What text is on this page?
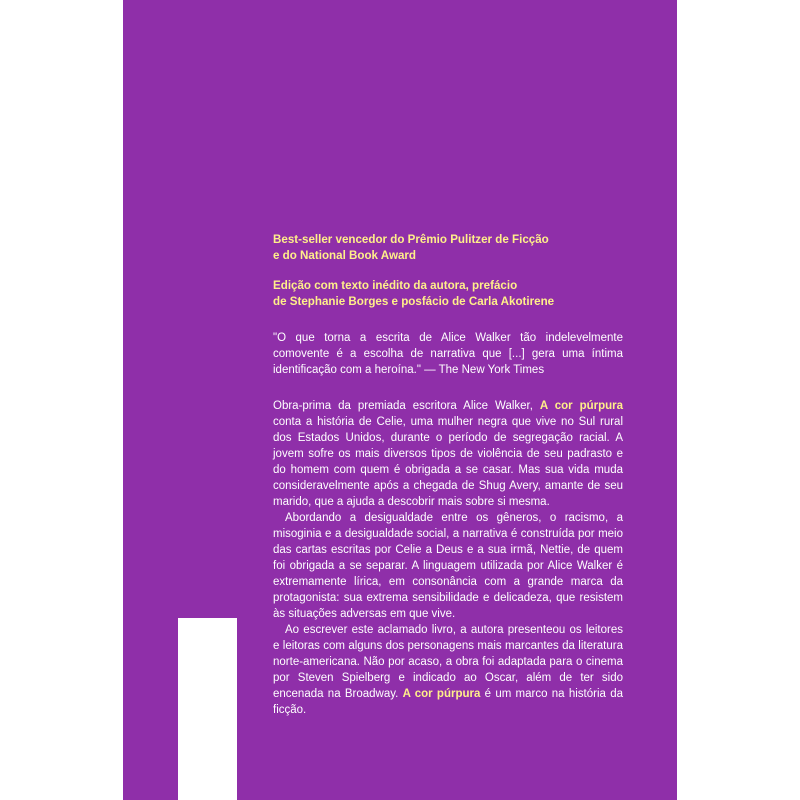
Best-seller vencedor do Prêmio Pulitzer de Ficção
e do National Book Award

Edição com texto inédito da autora, prefácio
de Stephanie Borges e posfácio de Carla Akotirene

"O que torna a escrita de Alice Walker tão indelevelmente comovente é a escolha de narrativa que [...] gera uma íntima identificação com a heroína." — The New York Times

Obra-prima da premiada escritora Alice Walker, A cor púrpura conta a história de Celie, uma mulher negra que vive no Sul rural dos Estados Unidos, durante o período de segregação racial. A jovem sofre os mais diversos tipos de violência de seu padrasto e do homem com quem é obrigada a se casar. Mas sua vida muda consideravelmente após a chegada de Shug Avery, amante de seu marido, que a ajuda a descobrir mais sobre si mesma.

Abordando a desigualdade entre os gêneros, o racismo, a misoginia e a desigualdade social, a narrativa é construída por meio das cartas escritas por Celie a Deus e a sua irmã, Nettie, de quem foi obrigada a se separar. A linguagem utilizada por Alice Walker é extremamente lírica, em consonância com a grande marca da protagonista: sua extrema sensibilidade e delicadeza, que resistem às situações adversas em que vive.

Ao escrever este aclamado livro, a autora presenteou os leitores e leitoras com alguns dos personagens mais marcantes da literatura norte-americana. Não por acaso, a obra foi adaptada para o cinema por Steven Spielberg e indicado ao Oscar, além de ter sido encenada na Broadway. A cor púrpura é um marco na história da ficção.
